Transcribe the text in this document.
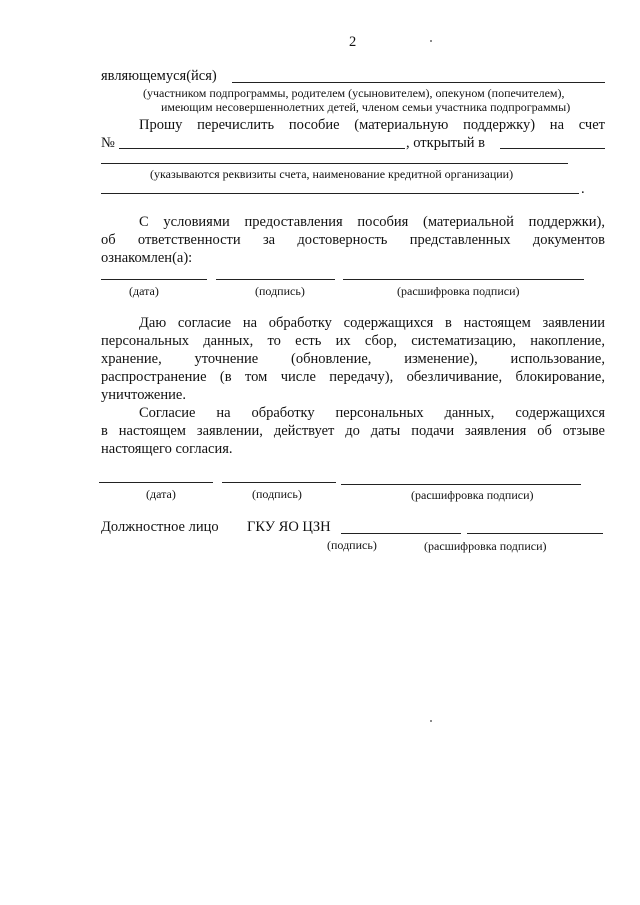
2
являющемуся(йся)
(участником подпрограммы, родителем (усыновителем), опекуном (попечителем),
имеющим несовершеннолетних детей, членом семьи участника подпрограммы)
Прошу перечислить пособие (материальную поддержку) на счет
№	, открытый в
(указываются реквизиты счета, наименование кредитной организации)
.
С условиями предоставления пособия (материальной поддержки),
об ответственности за достоверность представленных документов
ознакомлен(а):
(дата)	(подпись)	(расшифровка подписи)
Даю согласие на обработку содержащихся в настоящем заявлении
персональных данных, то есть их сбор, систематизацию, накопление,
хранение, уточнение (обновление, изменение), использование,
распространение (в том числе передачу), обезличивание, блокирование,
уничтожение.
Согласие на обработку персональных данных, содержащихся
в настоящем заявлении, действует до даты подачи заявления об отзыве
настоящего согласия.
(дата)	(подпись)	(расшифровка подписи)
Должностное лицо ГКУ ЯО ЦЗН
(подпись)	(расшифровка подписи)
